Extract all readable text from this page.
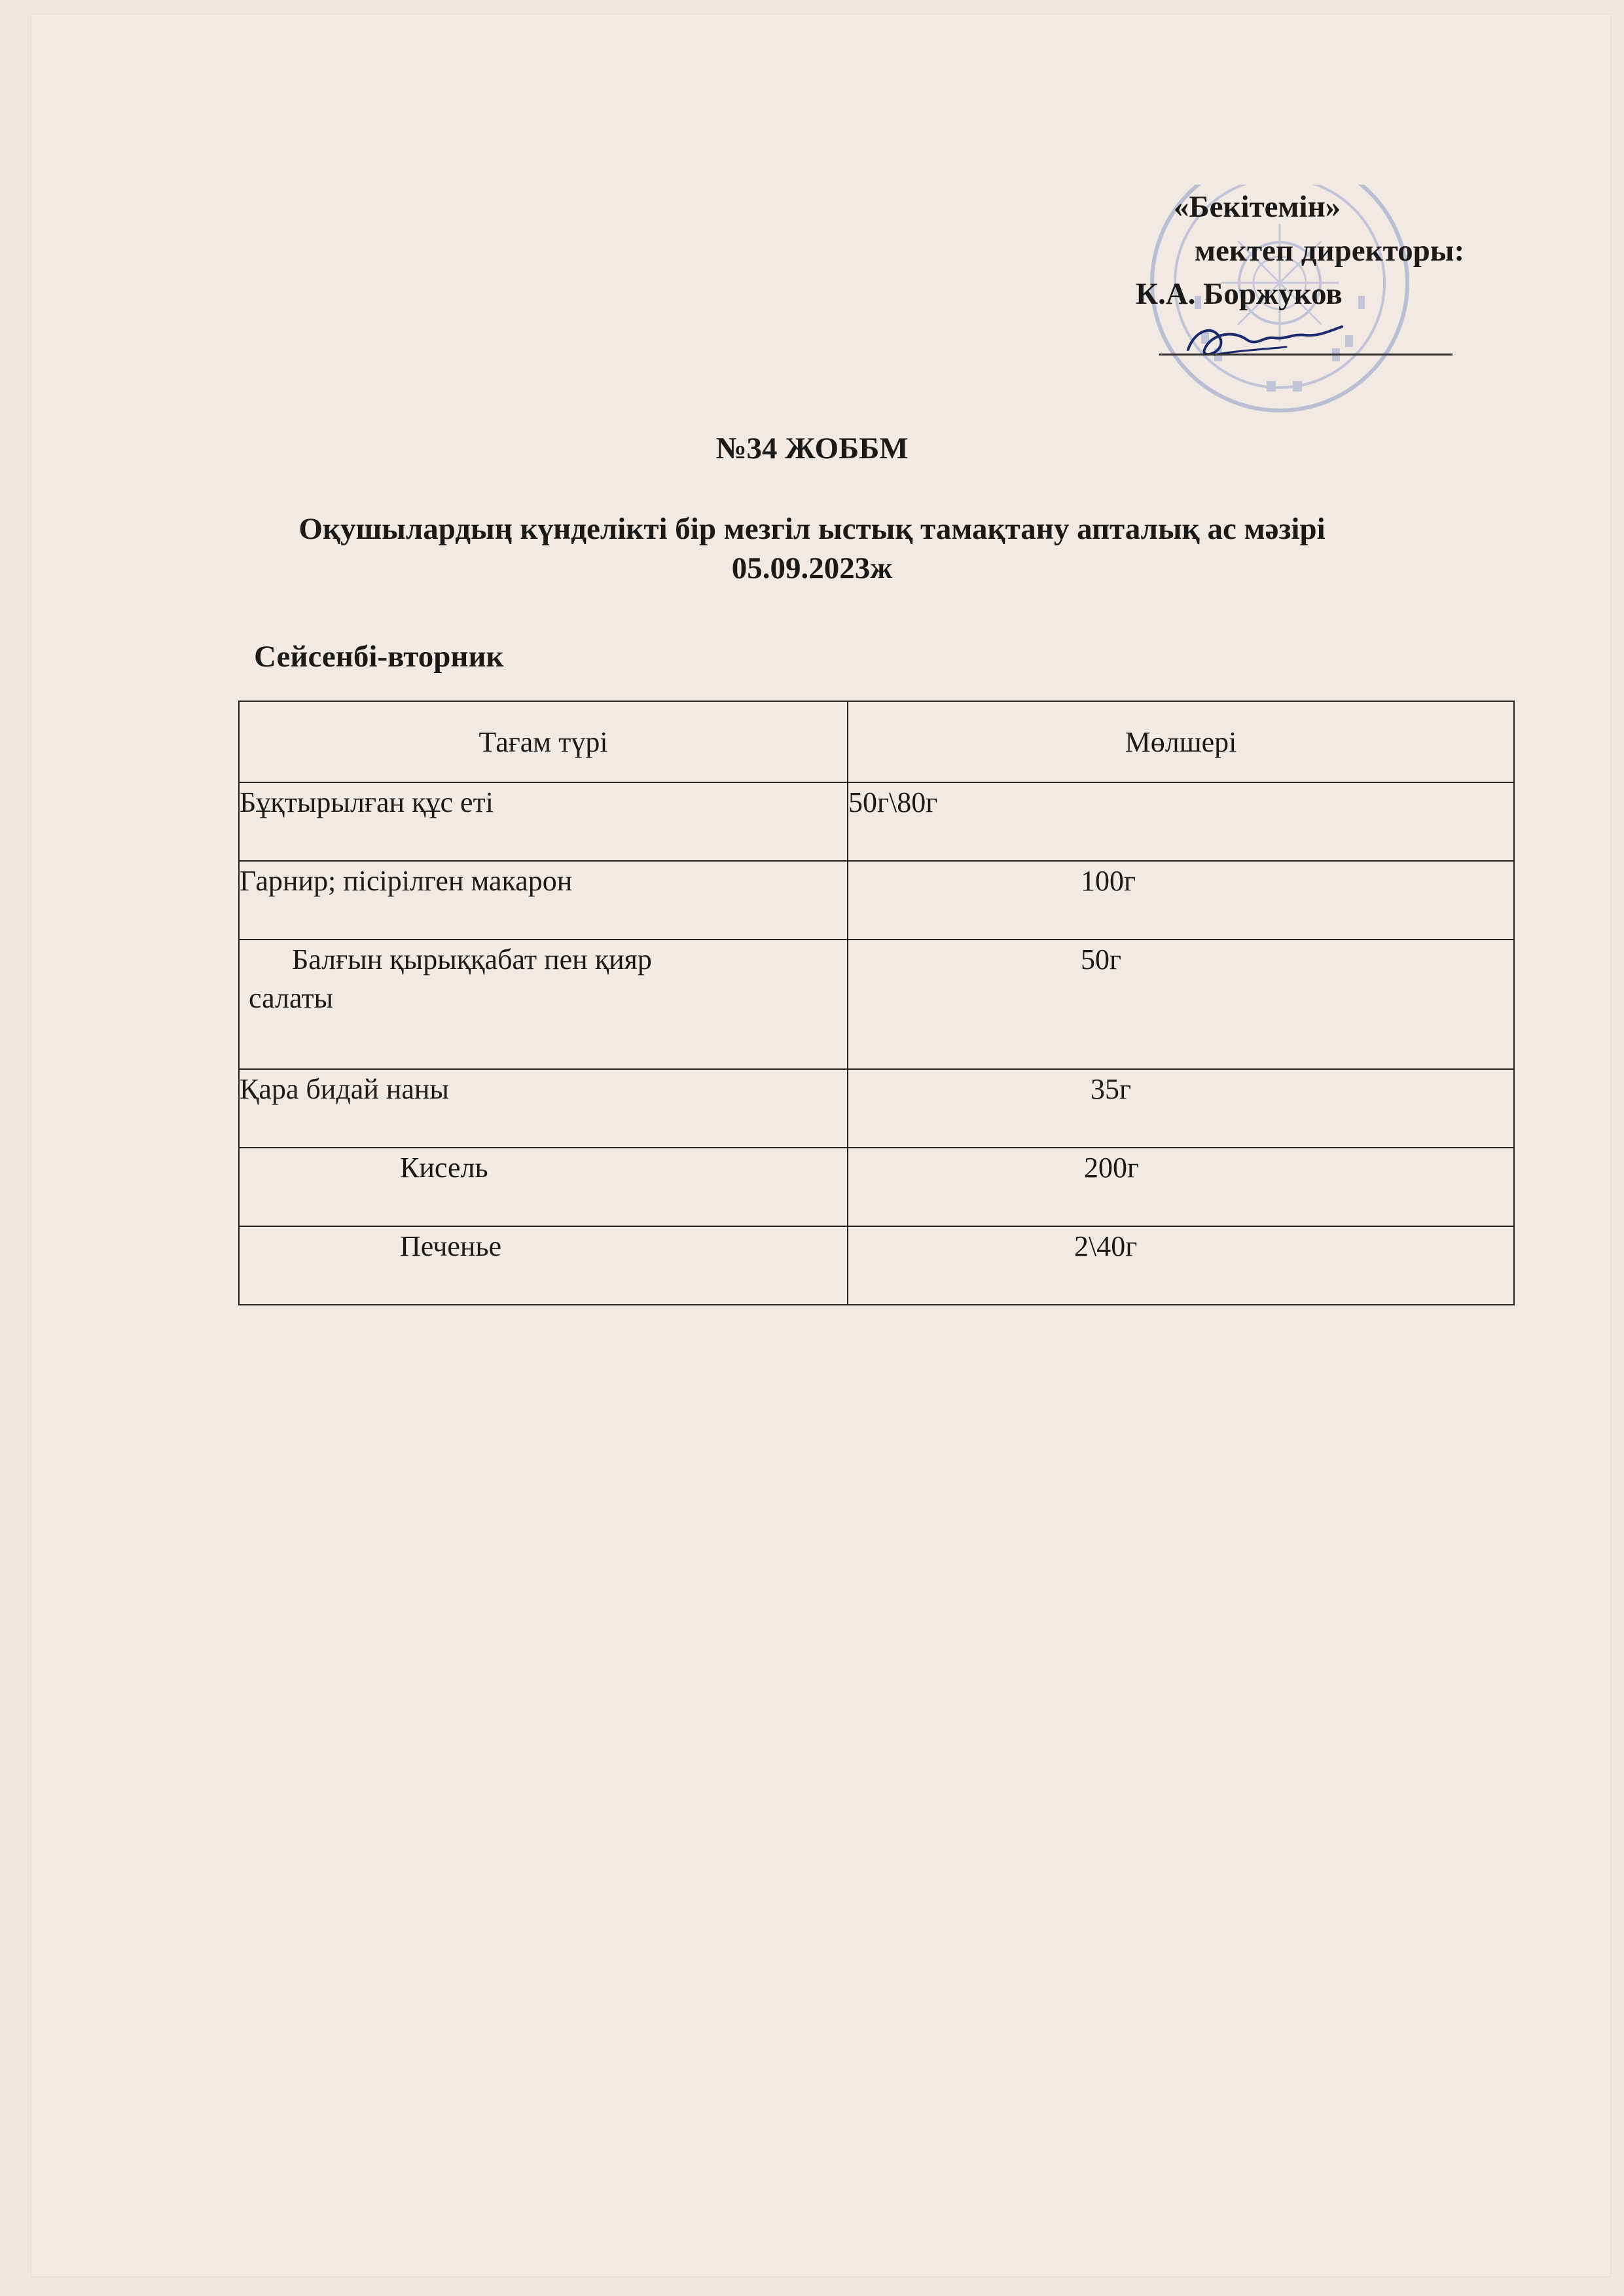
«Бекітемін»
мектеп директоры:
К.А. Боржуков
№34 ЖОББМ
Оқушылардың күнделікті бір мезгіл ыстық тамақтану апталық ас мәзірі
05.09.2023ж
Сейсенбі-вторник
Тағам түрі	Мөлшері
Бұқтырылған құс еті	50г\80г
Гарнир; пісірілген макарон	100г

Балғын қырыққабат пен қияр
салаты	50г
Қара бидай наны	35г
Кисель	200г
Печенье	2\40г
